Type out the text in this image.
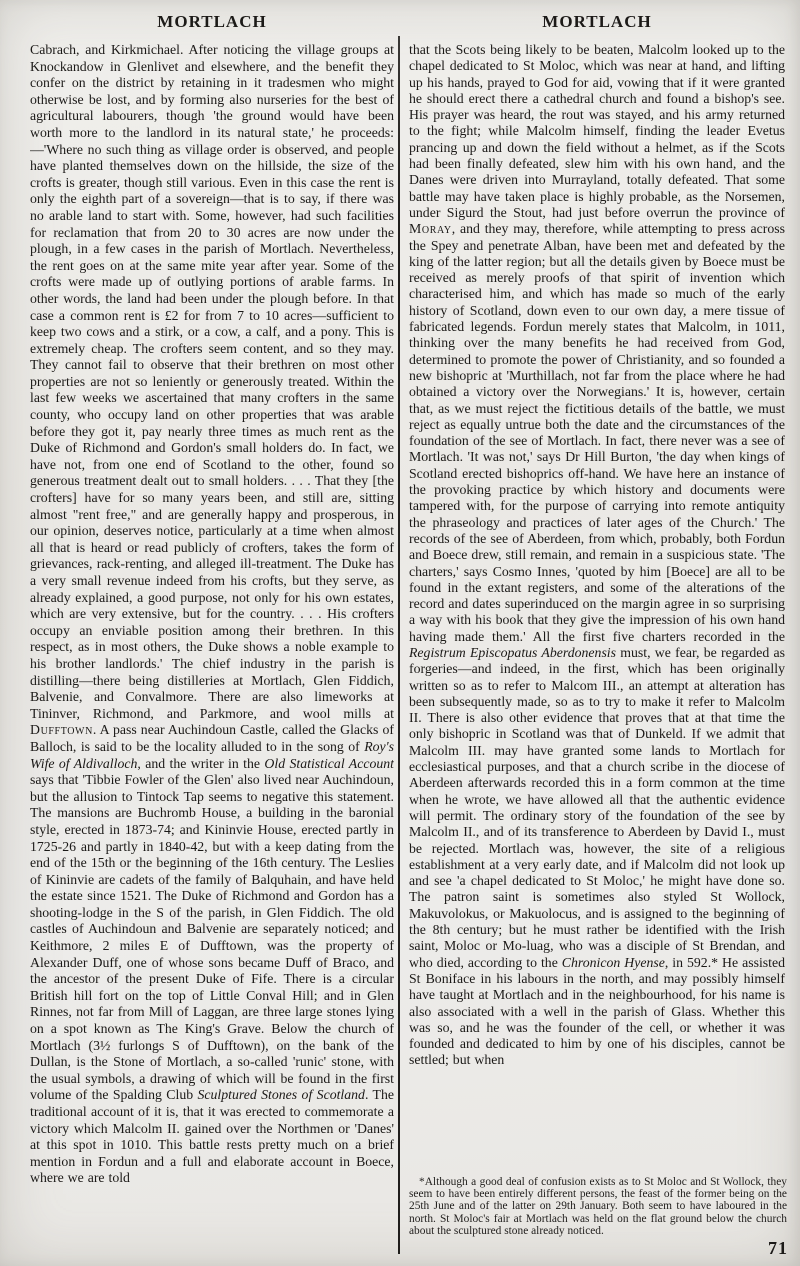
MORTLACH	MORTLACH
Cabrach, and Kirkmichael. After noticing the village groups at Knockandow in Glenlivet and elsewhere, and the benefit they confer on the district by retaining in it tradesmen who might otherwise be lost, and by forming also nurseries for the best of agricultural labourers, though 'the ground would have been worth more to the landlord in its natural state,' he proceeds:—'Where no such thing as village order is observed, and people have planted themselves down on the hillside, the size of the crofts is greater, though still various. Even in this case the rent is only the eighth part of a sovereign—that is to say, if there was no arable land to start with. Some, however, had such facilities for reclamation that from 20 to 30 acres are now under the plough, in a few cases in the parish of Mortlach. Nevertheless, the rent goes on at the same mite year after year. Some of the crofts were made up of outlying portions of arable farms. In other words, the land had been under the plough before. In that case a common rent is £2 for from 7 to 10 acres—sufficient to keep two cows and a stirk, or a cow, a calf, and a pony. This is extremely cheap. The crofters seem content, and so they may. They cannot fail to observe that their brethren on most other properties are not so leniently or generously treated. Within the last few weeks we ascertained that many crofters in the same county, who occupy land on other properties that was arable before they got it, pay nearly three times as much rent as the Duke of Richmond and Gordon's small holders do. In fact, we have not, from one end of Scotland to the other, found so generous treatment dealt out to small holders. . . . That they [the crofters] have for so many years been, and still are, sitting almost "rent free," and are generally happy and prosperous, in our opinion, deserves notice, particularly at a time when almost all that is heard or read publicly of crofters, takes the form of grievances, rack-renting, and alleged ill-treatment. The Duke has a very small revenue indeed from his crofts, but they serve, as already explained, a good purpose, not only for his own estates, which are very extensive, but for the country. . . . His crofters occupy an enviable position among their brethren. In this respect, as in most others, the Duke shows a noble example to his brother landlords.' The chief industry in the parish is distilling—there being distilleries at Mortlach, Glen Fiddich, Balvenie, and Convalmore. There are also limeworks at Tininver, Richmond, and Parkmore, and wool mills at Dufftown. A pass near Auchindoun Castle, called the Glacks of Balloch, is said to be the locality alluded to in the song of Roy's Wife of Aldivalloch, and the writer in the Old Statistical Account says that 'Tibbie Fowler of the Glen' also lived near Auchindoun, but the allusion to Tintock Tap seems to negative this statement. The mansions are Buchromb House, a building in the baronial style, erected in 1873-74; and Kininvie House, erected partly in 1725-26 and partly in 1840-42, but with a keep dating from the end of the 15th or the beginning of the 16th century. The Leslies of Kininvie are cadets of the family of Balquhain, and have held the estate since 1521. The Duke of Richmond and Gordon has a shooting-lodge in the S of the parish, in Glen Fiddich. The old castles of Auchindoun and Balvenie are separately noticed; and Keithmore, 2 miles E of Dufftown, was the property of Alexander Duff, one of whose sons became Duff of Braco, and the ancestor of the present Duke of Fife. There is a circular British hill fort on the top of Little Conval Hill; and in Glen Rinnes, not far from Mill of Laggan, are three large stones lying on a spot known as The King's Grave. Below the church of Mortlach (3½ furlongs S of Dufftown), on the bank of the Dullan, is the Stone of Mortlach, a so-called 'runic' stone, with the usual symbols, a drawing of which will be found in the first volume of the Spalding Club Sculptured Stones of Scotland. The traditional account of it is, that it was erected to commemorate a victory which Malcolm II. gained over the Northmen or 'Danes' at this spot in 1010. This battle rests pretty much on a brief mention in Fordun and a full and elaborate account in Boece, where we are told
that the Scots being likely to be beaten, Malcolm looked up to the chapel dedicated to St Moloc, which was near at hand, and lifting up his hands, prayed to God for aid, vowing that if it were granted he should erect there a cathedral church and found a bishop's see. His prayer was heard, the rout was stayed, and his army returned to the fight; while Malcolm himself, finding the leader Evetus prancing up and down the field without a helmet, as if the Scots had been finally defeated, slew him with his own hand, and the Danes were driven into Murrayland, totally defeated. That some battle may have taken place is highly probable, as the Norsemen, under Sigurd the Stout, had just before overrun the province of Moray, and they may, therefore, while attempting to press across the Spey and penetrate Alban, have been met and defeated by the king of the latter region; but all the details given by Boece must be received as merely proofs of that spirit of invention which characterised him, and which has made so much of the early history of Scotland, down even to our own day, a mere tissue of fabricated legends. Fordun merely states that Malcolm, in 1011, thinking over the many benefits he had received from God, determined to promote the power of Christianity, and so founded a new bishopric at 'Murthillach, not far from the place where he had obtained a victory over the Norwegians.' It is, however, certain that, as we must reject the fictitious details of the battle, we must reject as equally untrue both the date and the circumstances of the foundation of the see of Mortlach. In fact, there never was a see of Mortlach. 'It was not,' says Dr Hill Burton, 'the day when kings of Scotland erected bishoprics off-hand. We have here an instance of the provoking practice by which history and documents were tampered with, for the purpose of carrying into remote antiquity the phraseology and practices of later ages of the Church.' The records of the see of Aberdeen, from which, probably, both Fordun and Boece drew, still remain, and remain in a suspicious state. 'The charters,' says Cosmo Innes, 'quoted by him [Boece] are all to be found in the extant registers, and some of the alterations of the record and dates superinduced on the margin agree in so surprising a way with his book that they give the impression of his own hand having made them.' All the first five charters recorded in the Registrum Episcopatus Aberdonensis must, we fear, be regarded as forgeries—and indeed, in the first, which has been originally written so as to refer to Malcom III., an attempt at alteration has been subsequently made, so as to try to make it refer to Malcolm II. There is also other evidence that proves that at that time the only bishopric in Scotland was that of Dunkeld. If we admit that Malcolm III. may have granted some lands to Mortlach for ecclesiastical purposes, and that a church scribe in the diocese of Aberdeen afterwards recorded this in a form common at the time when he wrote, we have allowed all that the authentic evidence will permit. The ordinary story of the foundation of the see by Malcolm II., and of its transference to Aberdeen by David I., must be rejected. Mortlach was, however, the site of a religious establishment at a very early date, and if Malcolm did not look up and see 'a chapel dedicated to St Moloc,' he might have done so. The patron saint is sometimes also styled St Wollock, Makuvolokus, or Makuolocus, and is assigned to the beginning of the 8th century; but he must rather be identified with the Irish saint, Moloc or Mo-luag, who was a disciple of St Brendan, and who died, according to the Chronicon Hyense, in 592.* He assisted St Boniface in his labours in the north, and may possibly himself have taught at Mortlach and in the neighbourhood, for his name is also associated with a well in the parish of Glass. Whether this was so, and he was the founder of the cell, or whether it was founded and dedicated to him by one of his disciples, cannot be settled; but when
*Although a good deal of confusion exists as to St Moloc and St Wollock, they seem to have been entirely different persons, the feast of the former being on the 25th June and of the latter on 29th January. Both seem to have laboured in the north. St Moloc's fair at Mortlach was held on the flat ground below the church about the sculptured stone already noticed.
71
